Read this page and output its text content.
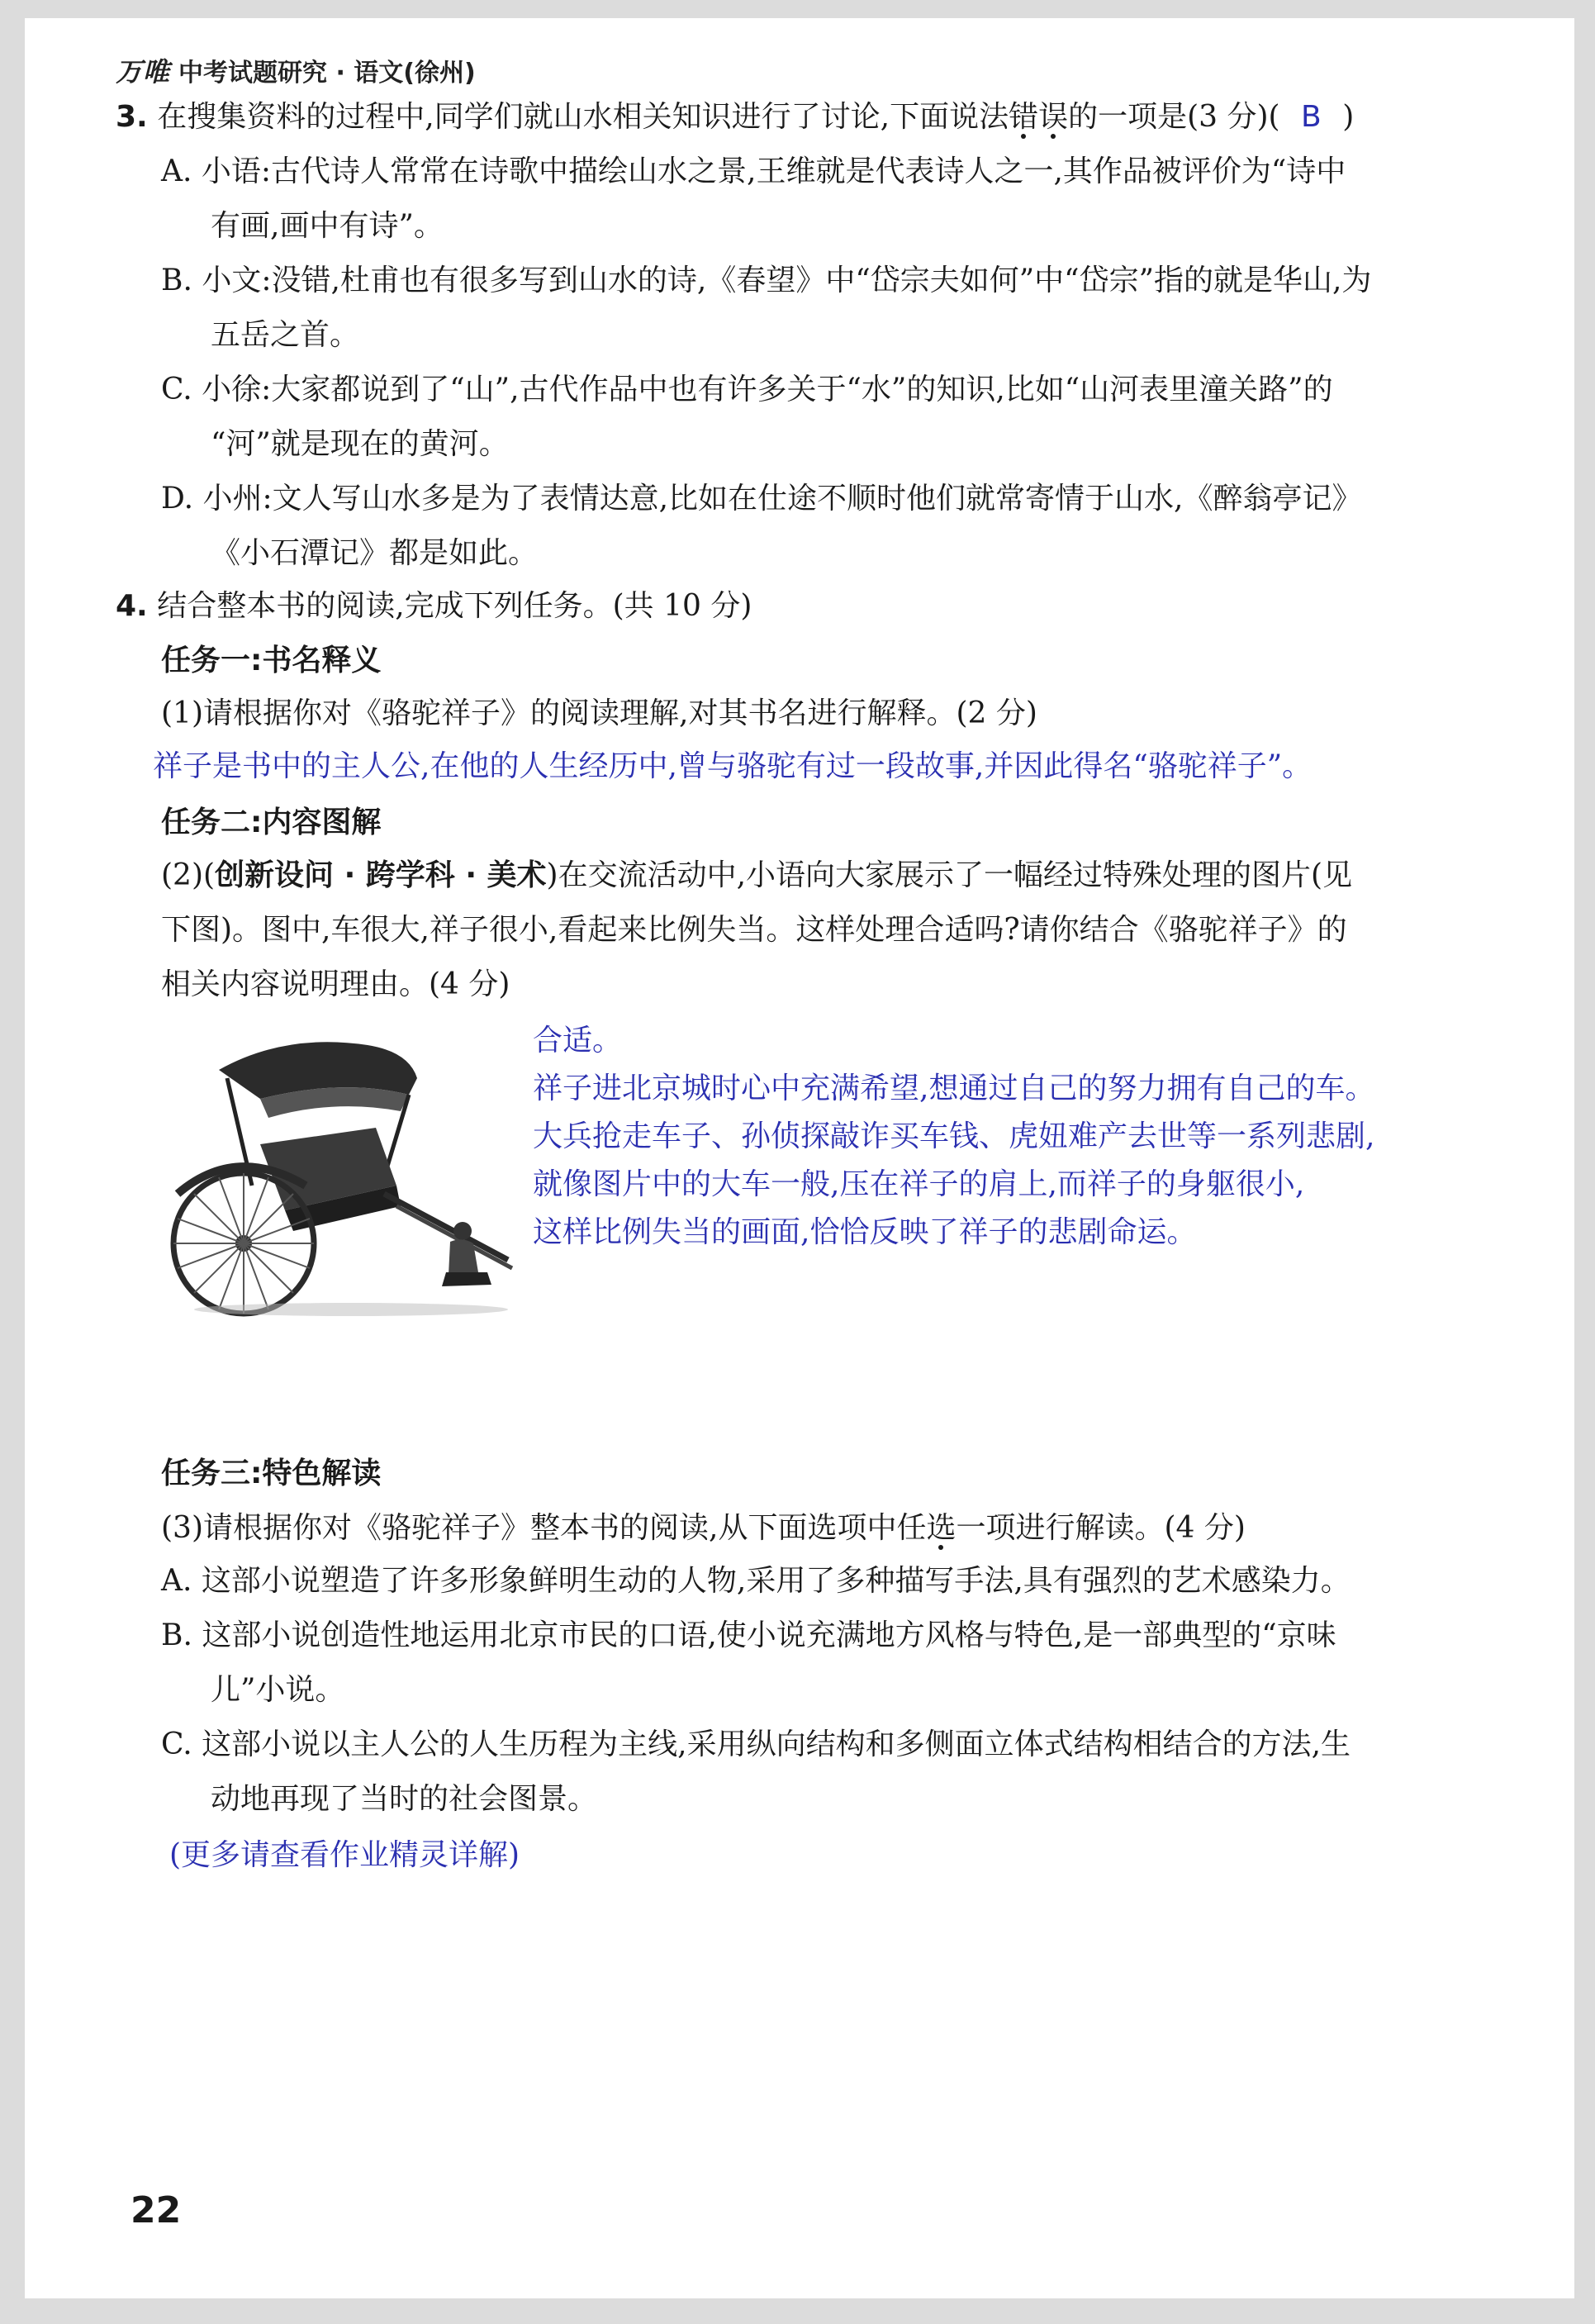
万唯 中考试题研究 · 语文(徐州)
3. 在搜集资料的过程中,同学们就山水相关知识进行了讨论,下面说法错误的一项是(3 分)( B )
A. 小语:古代诗人常常在诗歌中描绘山水之景,王维就是代表诗人之一,其作品被评价为“诗中
有画,画中有诗”。
B. 小文:没错,杜甫也有很多写到山水的诗,《春望》中“岱宗夫如何”中“岱宗”指的就是华山,为
五岳之首。
C. 小徐:大家都说到了“山”,古代作品中也有许多关于“水”的知识,比如“山河表里潼关路”的
“河”就是现在的黄河。
D. 小州:文人写山水多是为了表情达意,比如在仕途不顺时他们就常寄情于山水,《醉翁亭记》
《小石潭记》都是如此。
4. 结合整本书的阅读,完成下列任务。(共 10 分)
任务一:书名释义
(1)请根据你对《骆驼祥子》的阅读理解,对其书名进行解释。(2 分)
祥子是书中的主人公,在他的人生经历中,曾与骆驼有过一段故事,并因此得名“骆驼祥子”。
任务二:内容图解
(2)(创新设问 · 跨学科 · 美术)在交流活动中,小语向大家展示了一幅经过特殊处理的图片(见
下图)。图中,车很大,祥子很小,看起来比例失当。这样处理合适吗?请你结合《骆驼祥子》的
相关内容说明理由。(4 分)
合适。
祥子进北京城时心中充满希望,想通过自己的努力拥有自己的车。
大兵抢走车子、孙侦探敲诈买车钱、虎妞难产去世等一系列悲剧,
就像图片中的大车一般,压在祥子的肩上,而祥子的身躯很小,
这样比例失当的画面,恰恰反映了祥子的悲剧命运。
任务三:特色解读
(3)请根据你对《骆驼祥子》整本书的阅读,从下面选项中任选一项进行解读。(4 分)
A. 这部小说塑造了许多形象鲜明生动的人物,采用了多种描写手法,具有强烈的艺术感染力。
B. 这部小说创造性地运用北京市民的口语,使小说充满地方风格与特色,是一部典型的“京味
儿”小说。
C. 这部小说以主人公的人生历程为主线,采用纵向结构和多侧面立体式结构相结合的方法,生
动地再现了当时的社会图景。
(更多请查看作业精灵详解)
22
